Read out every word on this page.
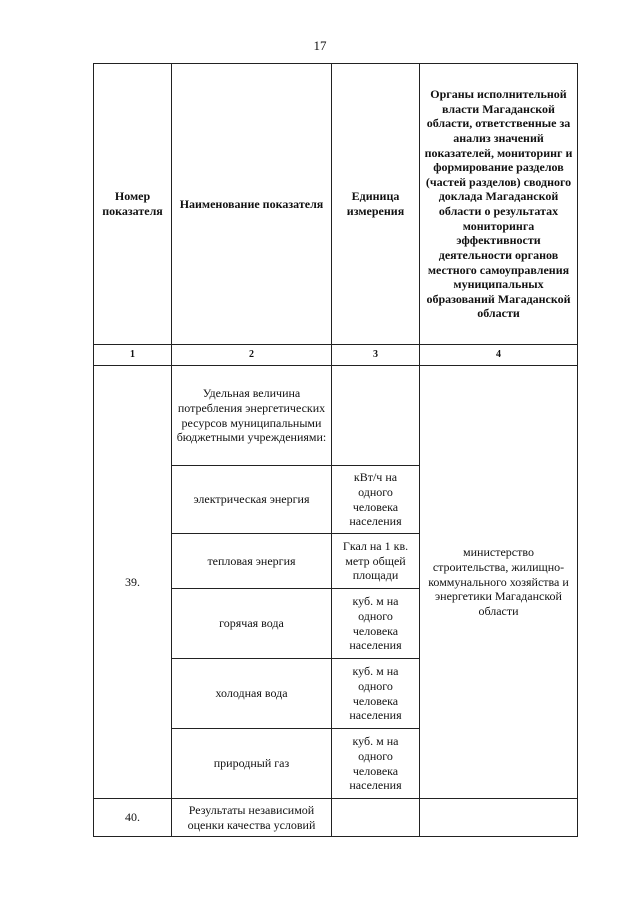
17
Номер показателя	Наименование показателя	Единица измерения	Органы исполнительной власти Магаданской области, ответственные за анализ значений показателей, мониторинг и формирование разделов (частей разделов) сводного доклада Магаданской области о результатах мониторинга эффективности деятельности органов местного самоуправления муниципальных образований Магаданской области
1	2	3	4
39.	Удельная величина потребления энергетических ресурсов муниципальными бюджетными учреждениями:		министерство строительства, жилищно-коммунального хозяйства и энергетики Магаданской области
	электрическая энергия	кВт/ч на одного человека населения	
	тепловая энергия	Гкал на 1 кв. метр общей площади	
	горячая вода	куб. м на одного человека населения	
	холодная вода	куб. м на одного человека населения	
	природный газ	куб. м на одного человека населения	
40.	Результаты независимой оценки качества условий		
